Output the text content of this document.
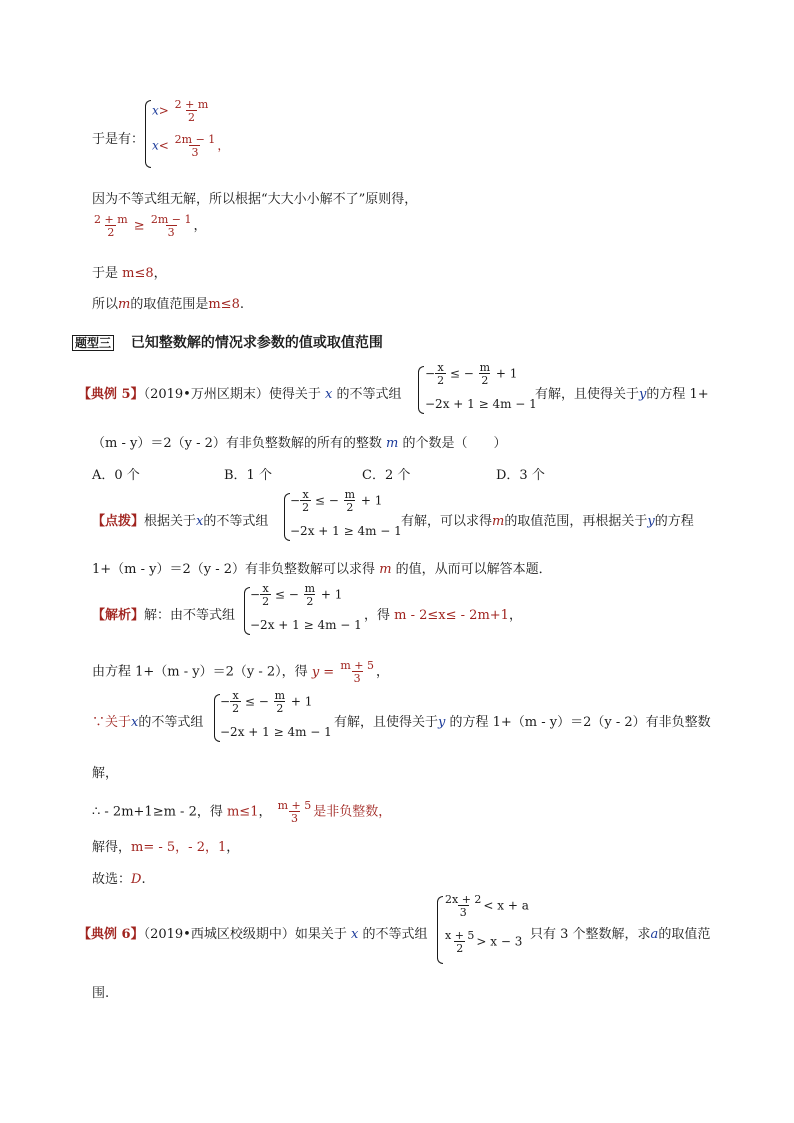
于是有：
$x> \frac{2 + m}{2}$
$x< \frac{2m - 1}{3}$ ，
因为不等式组无解，所以根据“大大小小解不了”原则得，
$\frac{2 + m}{2} \ge \frac{2m - 1}{3}$ ，
于是 m≤8，
所以m的取值范围是m≤8.
题型三 已知整数解的情况求参数的值或取值范围
【典例 5】（2019•万州区期末）使得关于 x 的不等式组
− $\frac{x}{2}$ ≤ − $\frac{m}{2} + 1$
−2x + 1 ≥ 4m − 1
有解，且使得关于y的方程 1+
（m - y）＝2（y - 2）有非负整数解的所有的整数 m 的个数是（　　）
A．0 个	B．1 个	C．2 个	D．3 个
【点拨】根据关于x的不等式组
− $\frac{x}{2}$ ≤ − $\frac{m}{2} + 1$
−2x + 1 ≥ 4m − 1
有解，可以求得m的取值范围，再根据关于y的方程
1+（m - y）＝2（y - 2）有非负整数解可以求得 m 的值，从而可以解答本题．
【解析】解：由不等式组
− $\frac{x}{2}$ ≤ − $\frac{m}{2} + 1$
−2x + 1 ≥ 4m − 1
，得 m - 2≤x≤ - 2m+1，
由方程 1+（m - y）＝2（y - 2），得 $y = \frac{m + 5}{3}$ ，
∵关于x的不等式组
− $\frac{x}{2}$ ≤ − $\frac{m}{2} + 1$
−2x + 1 ≥ 4m − 1
有解，且使得关于y 的方程 1+（m - y）＝2（y - 2）有非负整数
解，
∴ - 2m+1≥m - 2，得 m≤1， $\frac{m + 5}{3}$ 是非负整数，
解得，m= - 5，- 2，1，
故选：D.
【典例 6】（2019•西城区校级期中）如果关于 x 的不等式组
$\frac{2x + 2}{3} < x + a$
$\frac{x + 5}{2} > x - 3$ 只有 3 个整数解，求a的取值范
围.
